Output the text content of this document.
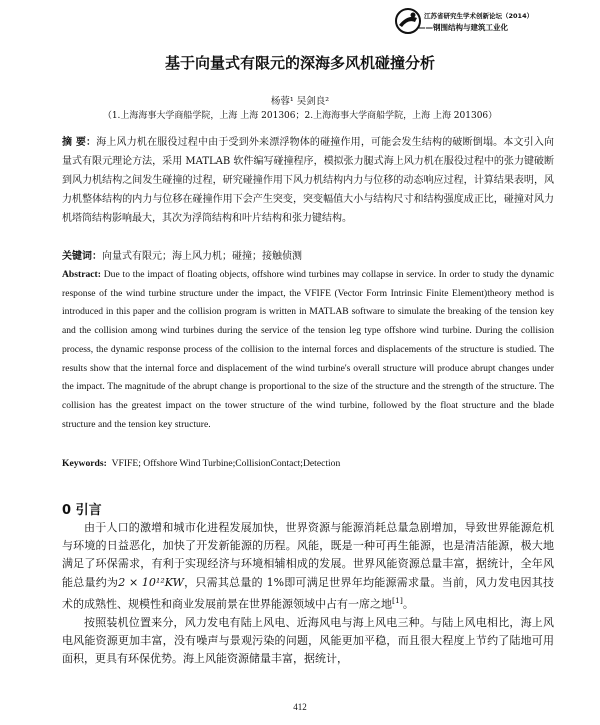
江苏省研究生学术创新论坛（2014）
——钢围结构与建筑工业化
基于向量式有限元的深海多风机碰撞分析
杨蓉¹ 吴剑良²
（1.上海海事大学商船学院，上海 上海 201306；2.上海海事大学商船学院，上海 上海 201306）
摘 要：海上风力机在服役过程中由于受到外来漂浮物体的碰撞作用，可能会发生结构的破断倒塌。本文引入向量式有限元理论方法，采用 MATLAB 软件编写碰撞程序，模拟张力腿式海上风力机在服役过程中的张力键破断到风力机结构之间发生碰撞的过程，研究碰撞作用下风力机结构内力与位移的动态响应过程，计算结果表明，风力机整体结构的内力与位移在碰撞作用下会产生突变，突变幅值大小与结构尺寸和结构强度成正比，碰撞对风力机塔筒结构影响最大，其次为浮筒结构和叶片结构和张力键结构。
关键词：向量式有限元；海上风力机；碰撞；接触侦测
Abstract: Due to the impact of floating objects, offshore wind turbines may collapse in service. In order to study the dynamic response of the wind turbine structure under the impact, the VFIFE (Vector Form Intrinsic Finite Element)theory method is introduced in this paper and the collision program is written in MATLAB software to simulate the breaking of the tension key and the collision among wind turbines during the service of the tension leg type offshore wind turbine. During the collision process, the dynamic response process of the collision to the internal forces and displacements of the structure is studied. The results show that the internal force and displacement of the wind turbine's overall structure will produce abrupt changes under the impact. The magnitude of the abrupt change is proportional to the size of the structure and the strength of the structure. The collision has the greatest impact on the tower structure of the wind turbine, followed by the float structure and the blade structure and the tension key structure.
Keywords: VFIFE; Offshore Wind Turbine;CollisionContact;Detection
0 引言

由于人口的激增和城市化进程发展加快，世界资源与能源消耗总量急剧增加，导致世界能源危机与环境的日益恶化，加快了开发新能源的历程。风能，既是一种可再生能源，也是清洁能源，极大地满足了环保需求，有利于实现经济与环境相辅相成的发展。世界风能资源总量丰富，据统计，全年风能总量约为2 × 10¹²KW，只需其总量的 1%即可满足世界年均能源需求量。当前，风力发电因其技术的成熟性、规模性和商业发展前景在世界能源领域中占有一席之地[1]。

按照装机位置来分，风力发电有陆上风电、近海风电与海上风电三种。与陆上风电相比，海上风电风能资源更加丰富，没有噪声与景观污染的问题，风能更加平稳，而且很大程度上节约了陆地可用面积，更具有环保优势。海上风能资源储量丰富，据统计，

412
